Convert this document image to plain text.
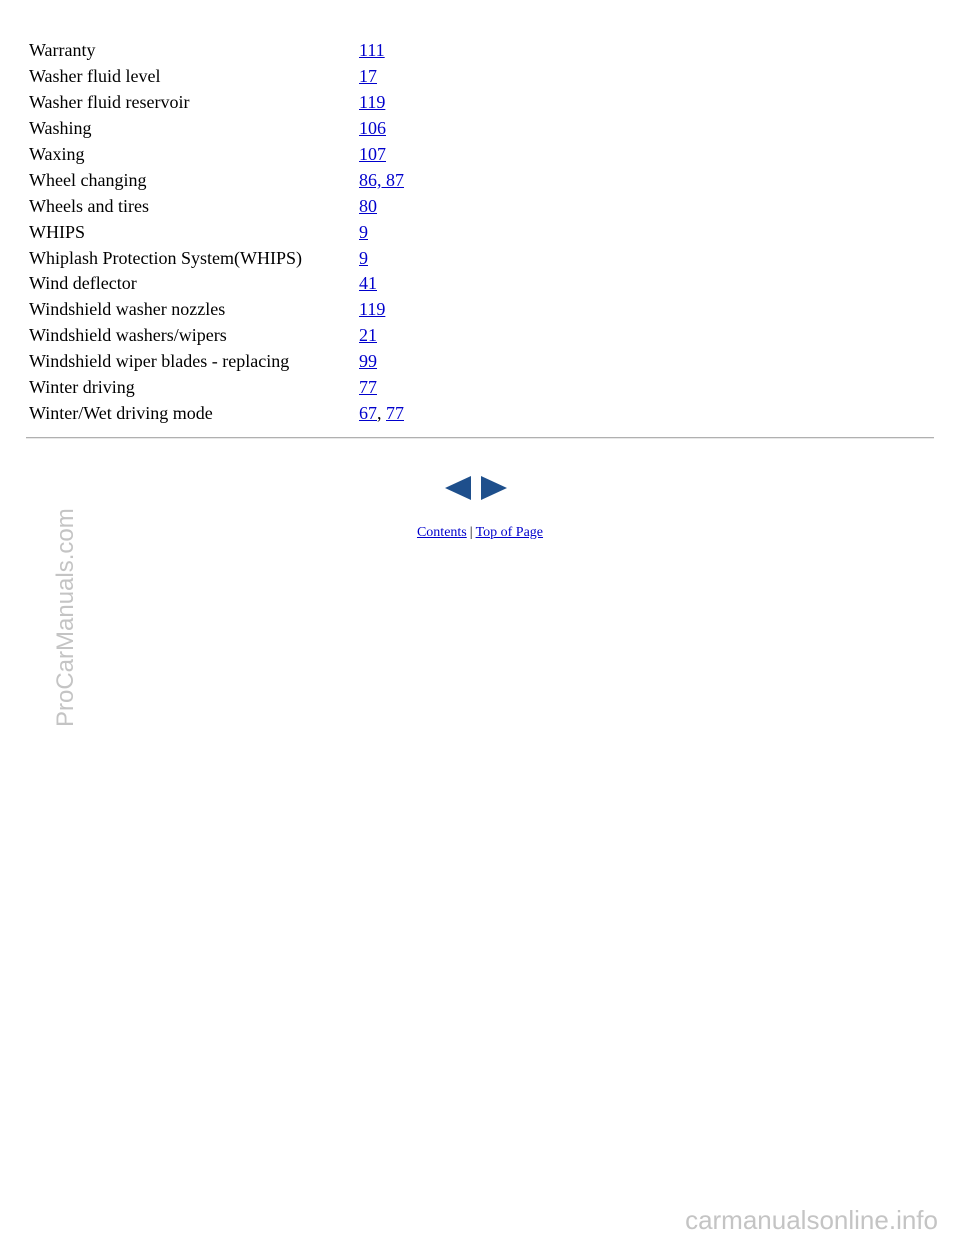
Warranty	111
Washer fluid level	17
Washer fluid reservoir	119
Washing	106
Waxing	107
Wheel changing	86, 87
Wheels and tires	80
WHIPS	9
Whiplash Protection System(WHIPS)	9
Wind deflector	41
Windshield washer nozzles	119
Windshield washers/wipers	21
Windshield wiper blades - replacing	99
Winter driving	77
Winter/Wet driving mode	67, 77
Contents | Top of Page
ProCarManuals.com
carmanualsonline.info
